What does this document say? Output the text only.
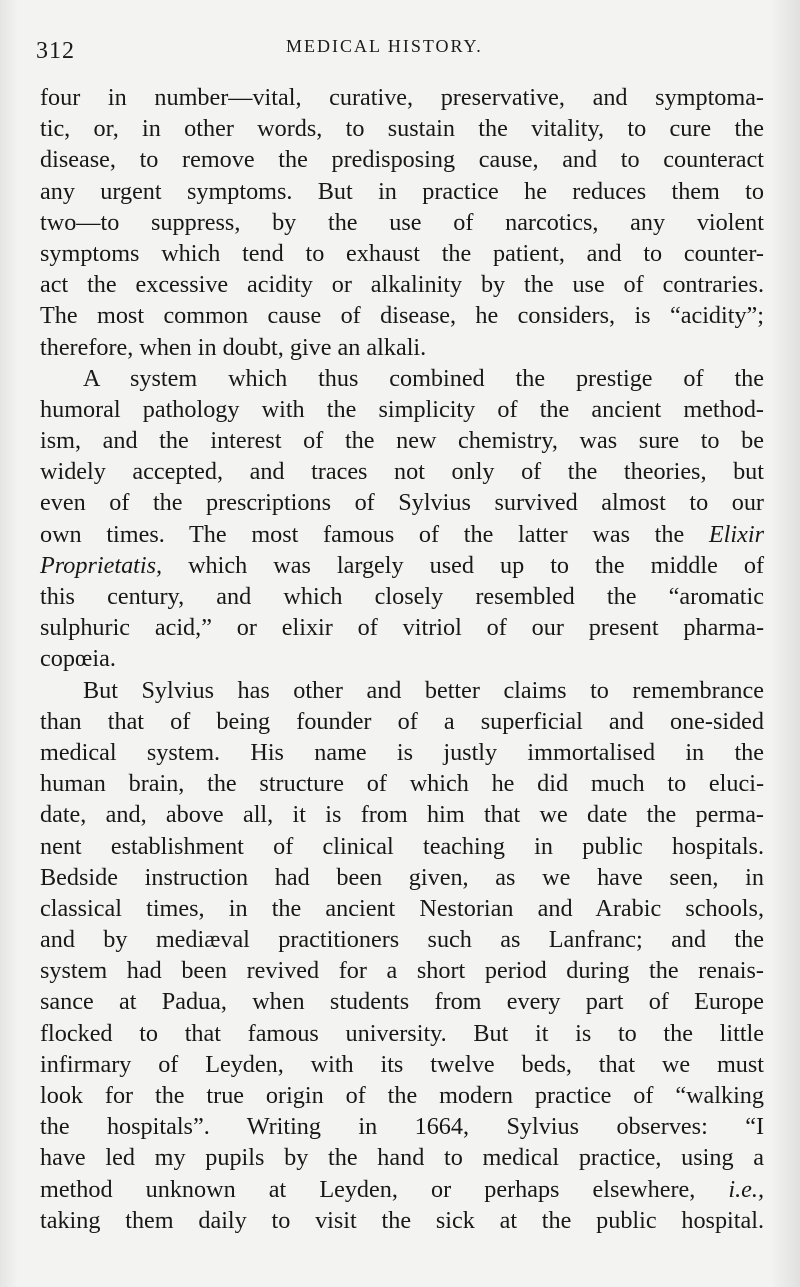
312	MEDICAL HISTORY.
four in number—vital, curative, preservative, and symptoma-
tic, or, in other words, to sustain the vitality, to cure the
disease, to remove the predisposing cause, and to counteract
any urgent symptoms. But in practice he reduces them to
two—to suppress, by the use of narcotics, any violent
symptoms which tend to exhaust the patient, and to counter-
act the excessive acidity or alkalinity by the use of contraries.
The most common cause of disease, he considers, is “acidity”;
therefore, when in doubt, give an alkali.
A system which thus combined the prestige of the
humoral pathology with the simplicity of the ancient method-
ism, and the interest of the new chemistry, was sure to be
widely accepted, and traces not only of the theories, but
even of the prescriptions of Sylvius survived almost to our
own times. The most famous of the latter was the Elixir
Proprietatis, which was largely used up to the middle of
this century, and which closely resembled the “aromatic
sulphuric acid,” or elixir of vitriol of our present pharma-
copœia.
But Sylvius has other and better claims to remembrance
than that of being founder of a superficial and one-sided
medical system. His name is justly immortalised in the
human brain, the structure of which he did much to eluci-
date, and, above all, it is from him that we date the perma-
nent establishment of clinical teaching in public hospitals.
Bedside instruction had been given, as we have seen, in
classical times, in the ancient Nestorian and Arabic schools,
and by mediæval practitioners such as Lanfranc; and the
system had been revived for a short period during the renais-
sance at Padua, when students from every part of Europe
flocked to that famous university. But it is to the little
infirmary of Leyden, with its twelve beds, that we must
look for the true origin of the modern practice of “walking
the hospitals”. Writing in 1664, Sylvius observes: “I
have led my pupils by the hand to medical practice, using a
method unknown at Leyden, or perhaps elsewhere, i.e.,
taking them daily to visit the sick at the public hospital.
